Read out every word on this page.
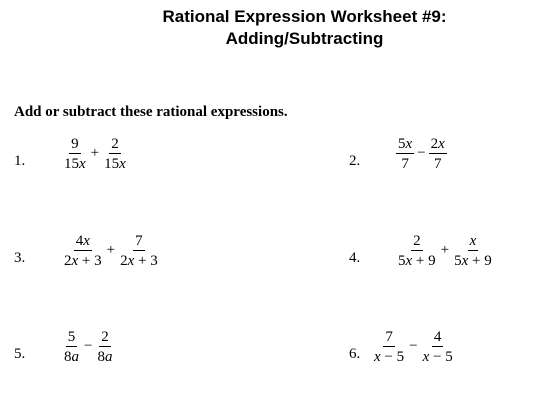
Rational Expression Worksheet #9:
Adding/Subtracting
Add or subtract these rational expressions.
1. $\frac{9}{15x} + \frac{2}{15x}$	2. $\frac{5x}{7} - \frac{2x}{7}$
3. $\frac{4x}{2x + 3} + \frac{7}{2x + 3}$	4. $\frac{2}{5x + 9} + \frac{x}{5x + 9}$
5. $\frac{5}{8a} - \frac{2}{8a}$	6. $\frac{7}{x - 5} - \frac{4}{x - 5}$
